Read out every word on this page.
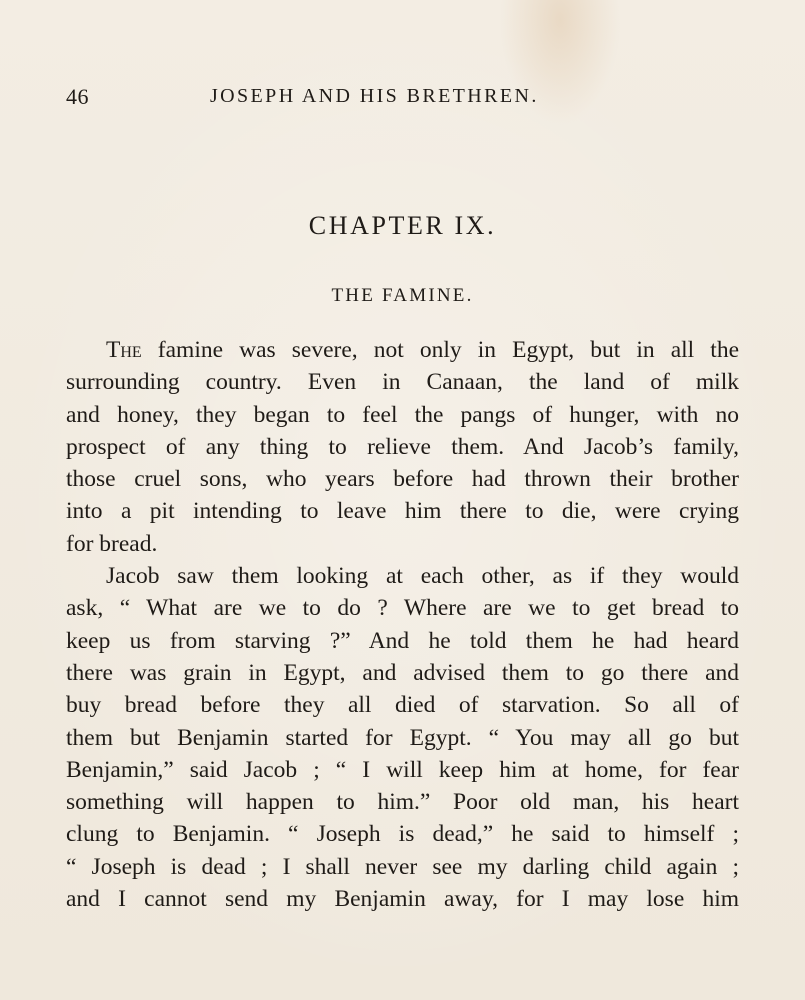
46	JOSEPH AND HIS BRETHREN.
CHAPTER IX.
THE FAMINE.
The famine was severe, not only in Egypt, but in all the
surrounding country. Even in Canaan, the land of milk
and honey, they began to feel the pangs of hunger, with no
prospect of any thing to relieve them. And Jacob’s family,
those cruel sons, who years before had thrown their brother
into a pit intending to leave him there to die, were crying
for bread.
Jacob saw them looking at each other, as if they would
ask, “ What are we to do ? Where are we to get bread to
keep us from starving ?” And he told them he had heard
there was grain in Egypt, and advised them to go there and
buy bread before they all died of starvation. So all of
them but Benjamin started for Egypt. “ You may all go but
Benjamin,” said Jacob ; “ I will keep him at home, for fear
something will happen to him.” Poor old man, his heart
clung to Benjamin. “ Joseph is dead,” he said to himself ;
“ Joseph is dead ; I shall never see my darling child again ;
and I cannot send my Benjamin away, for I may lose him
